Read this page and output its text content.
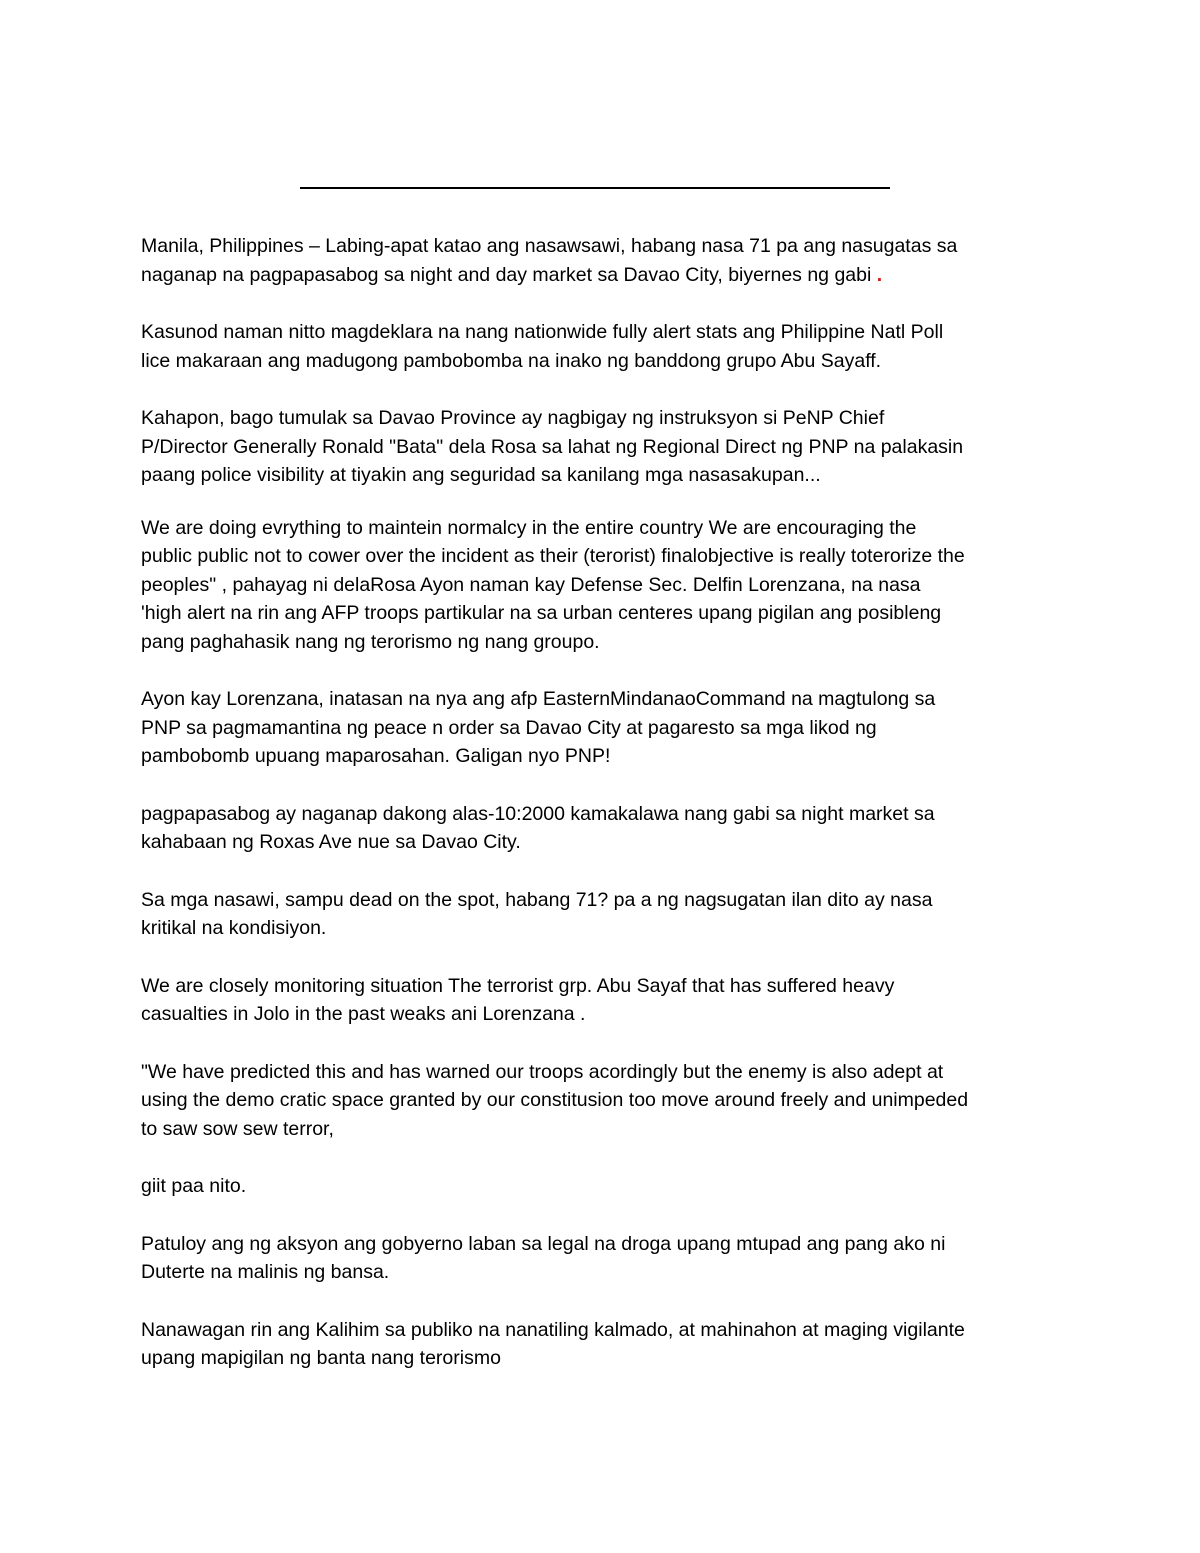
Manila, Philippines – Labing-apat katao ang nasawsawi, habang nasa 71 pa ang nasugatas sa
naganap na pagpapasabog sa night and day market sa Davao City, biyernes ng gabi .

Kasunod naman nitto magdeklara na nang nationwide fully alert stats ang Philippine Natl Poll
lice makaraan ang madugong pambobomba na inako ng banddong grupo Abu Sayaff.

Kahapon, bago tumulak sa Davao Province ay nagbigay ng instruksyon si PeNP Chief
P/Director Generally Ronald "Bata" dela Rosa sa lahat ng Regional Direct ng PNP na palakasin
paang police visibility at tiyakin ang seguridad sa kanilang mga nasasakupan...

We are doing evrything to maintein normalcy in the entire country We are encouraging the
public public not to cower over the incident as their (terorist) finalobjective is really toterorize the
peoples" , pahayag ni delaRosa Ayon naman kay Defense Sec. Delfin Lorenzana, na nasa
'high alert na rin ang AFP troops partikular na sa urban centeres upang pigilan ang posibleng
pang paghahasik nang ng terorismo ng nang groupo.

Ayon kay Lorenzana, inatasan na nya ang afp EasternMindanaoCommand na magtulong sa
PNP sa pagmamantina ng peace n order sa Davao City at pagaresto sa mga likod ng
pambobomb upuang maparosahan. Galigan nyo PNP!

pagpapasabog ay naganap dakong alas-10:2000 kamakalawa nang gabi sa night market sa
kahabaan ng Roxas Ave nue sa Davao City.

Sa mga nasawi, sampu dead on the spot, habang 71? pa a ng nagsugatan ilan dito ay nasa
kritikal na kondisiyon.

We are closely monitoring situation The terrorist grp. Abu Sayaf that has suffered heavy
casualties in Jolo in the past weaks ani Lorenzana .

"We have predicted this and has warned our troops acordingly but the enemy is also adept at
using the demo cratic space granted by our constitusion too move around freely and unimpeded
to saw sow sew terror,

giit paa nito.

Patuloy ang ng aksyon ang gobyerno laban sa legal na droga upang mtupad ang pang ako ni
Duterte na malinis ng bansa.

Nanawagan rin ang Kalihim sa publiko na nanatiling kalmado, at mahinahon at maging vigilante
upang mapigilan ng banta nang terorismo
